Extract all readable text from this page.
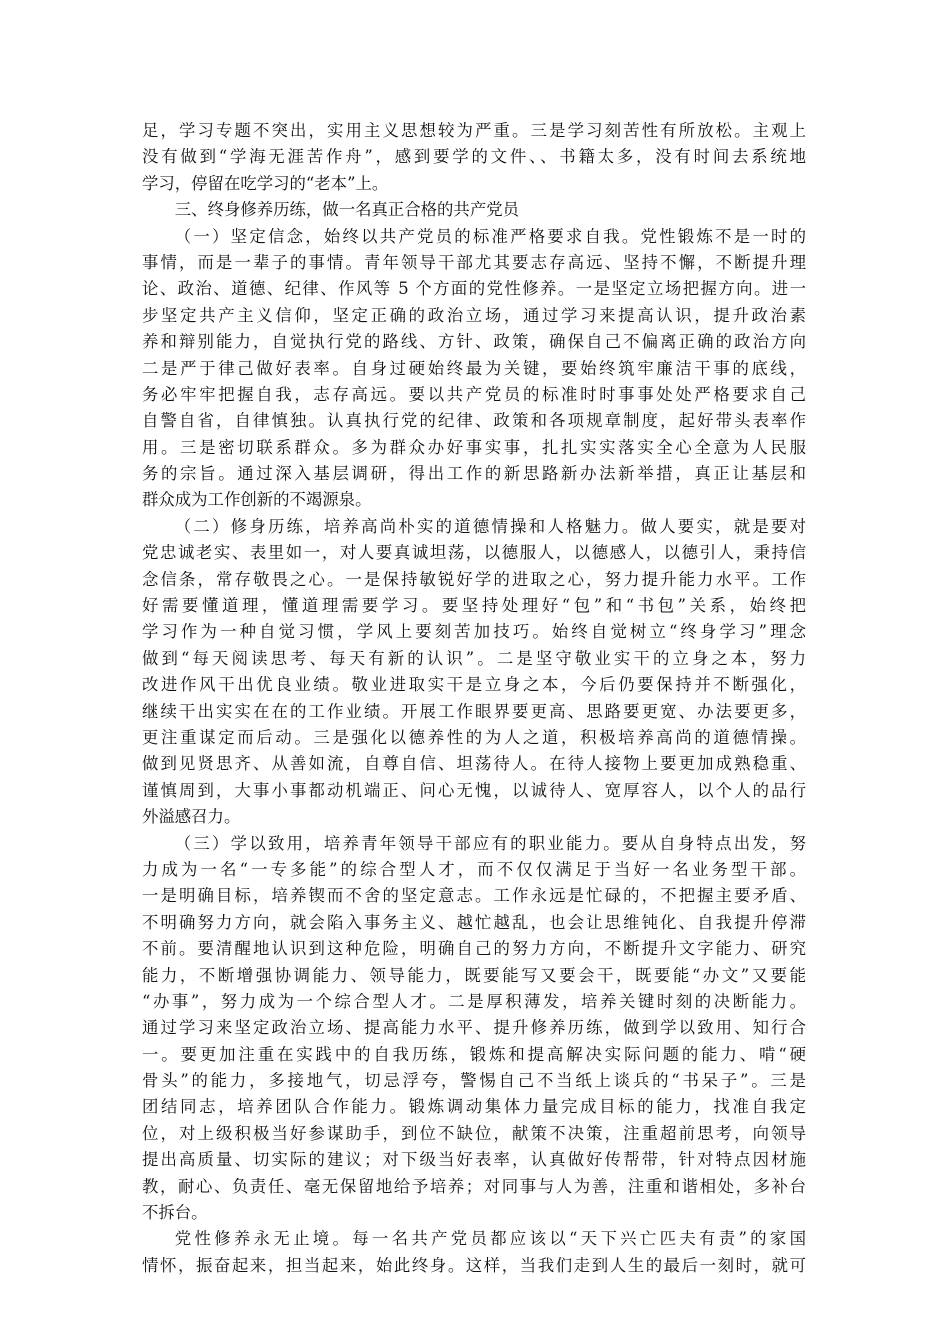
足，学习专题不突出，实用主义思想较为严重。三是学习刻苦性有所放松。主观上
没有做到“学海无涯苦作舟”，感到要学的文件、、书籍太多，没有时间去系统地
学习，停留在吃学习的“老本”上。
三、终身修养历练，做一名真正合格的共产党员
（一）坚定信念，始终以共产党员的标准严格要求自我。党性锻炼不是一时的
事情，而是一辈子的事情。青年领导干部尤其要志存高远、坚持不懈，不断提升理
论、政治、道德、纪律、作风等 5 个方面的党性修养。一是坚定立场把握方向。进一
步坚定共产主义信仰，坚定正确的政治立场，通过学习来提高认识，提升政治素
养和辩别能力，自觉执行党的路线、方针、政策，确保自己不偏离正确的政治方向
二是严于律己做好表率。自身过硬始终最为关键，要始终筑牢廉洁干事的底线，
务必牢牢把握自我，志存高远。要以共产党员的标准时时事事处处严格要求自己
自警自省，自律慎独。认真执行党的纪律、政策和各项规章制度，起好带头表率作
用。三是密切联系群众。多为群众办好事实事，扎扎实实落实全心全意为人民服
务的宗旨。通过深入基层调研，得出工作的新思路新办法新举措，真正让基层和
群众成为工作创新的不竭源泉。
（二）修身历练，培养高尚朴实的道德情操和人格魅力。做人要实，就是要对
党忠诚老实、表里如一，对人要真诚坦荡，以德服人，以德感人，以德引人，秉持信
念信条，常存敬畏之心。一是保持敏锐好学的进取之心，努力提升能力水平。工作
好需要懂道理，懂道理需要学习。要坚持处理好“包”和“书包”关系，始终把
学习作为一种自觉习惯，学风上要刻苦加技巧。始终自觉树立“终身学习”理念
做到“每天阅读思考、每天有新的认识”。二是坚守敬业实干的立身之本，努力
改进作风干出优良业绩。敬业进取实干是立身之本，今后仍要保持并不断强化，
继续干出实实在在的工作业绩。开展工作眼界要更高、思路要更宽、办法要更多，
更注重谋定而后动。三是强化以德养性的为人之道，积极培养高尚的道德情操。
做到见贤思齐、从善如流，自尊自信、坦荡待人。在待人接物上要更加成熟稳重、
谨慎周到，大事小事都动机端正、问心无愧，以诚待人、宽厚容人，以个人的品行
外溢感召力。
（三）学以致用，培养青年领导干部应有的职业能力。要从自身特点出发，努
力成为一名“一专多能”的综合型人才，而不仅仅满足于当好一名业务型干部。
一是明确目标，培养锲而不舍的坚定意志。工作永远是忙碌的，不把握主要矛盾、
不明确努力方向，就会陷入事务主义、越忙越乱，也会让思维钝化、自我提升停滞
不前。要清醒地认识到这种危险，明确自己的努力方向，不断提升文字能力、研究
能力，不断增强协调能力、领导能力，既要能写又要会干，既要能“办文”又要能
“办事”，努力成为一个综合型人才。二是厚积薄发，培养关键时刻的决断能力。
通过学习来坚定政治立场、提高能力水平、提升修养历练，做到学以致用、知行合
一。要更加注重在实践中的自我历练，锻炼和提高解决实际问题的能力、啃“硬
骨头”的能力，多接地气，切忌浮夸，警惕自己不当纸上谈兵的“书呆子”。三是
团结同志，培养团队合作能力。锻炼调动集体力量完成目标的能力，找准自我定
位，对上级积极当好参谋助手，到位不缺位，献策不决策，注重超前思考，向领导
提出高质量、切实际的建议；对下级当好表率，认真做好传帮带，针对特点因材施
教，耐心、负责任、毫无保留地给予培养；对同事与人为善，注重和谐相处，多补台
不拆台。
党性修养永无止境。每一名共产党员都应该以“天下兴亡匹夫有责”的家国
情怀，振奋起来，担当起来，始此终身。这样，当我们走到人生的最后一刻时，就可
